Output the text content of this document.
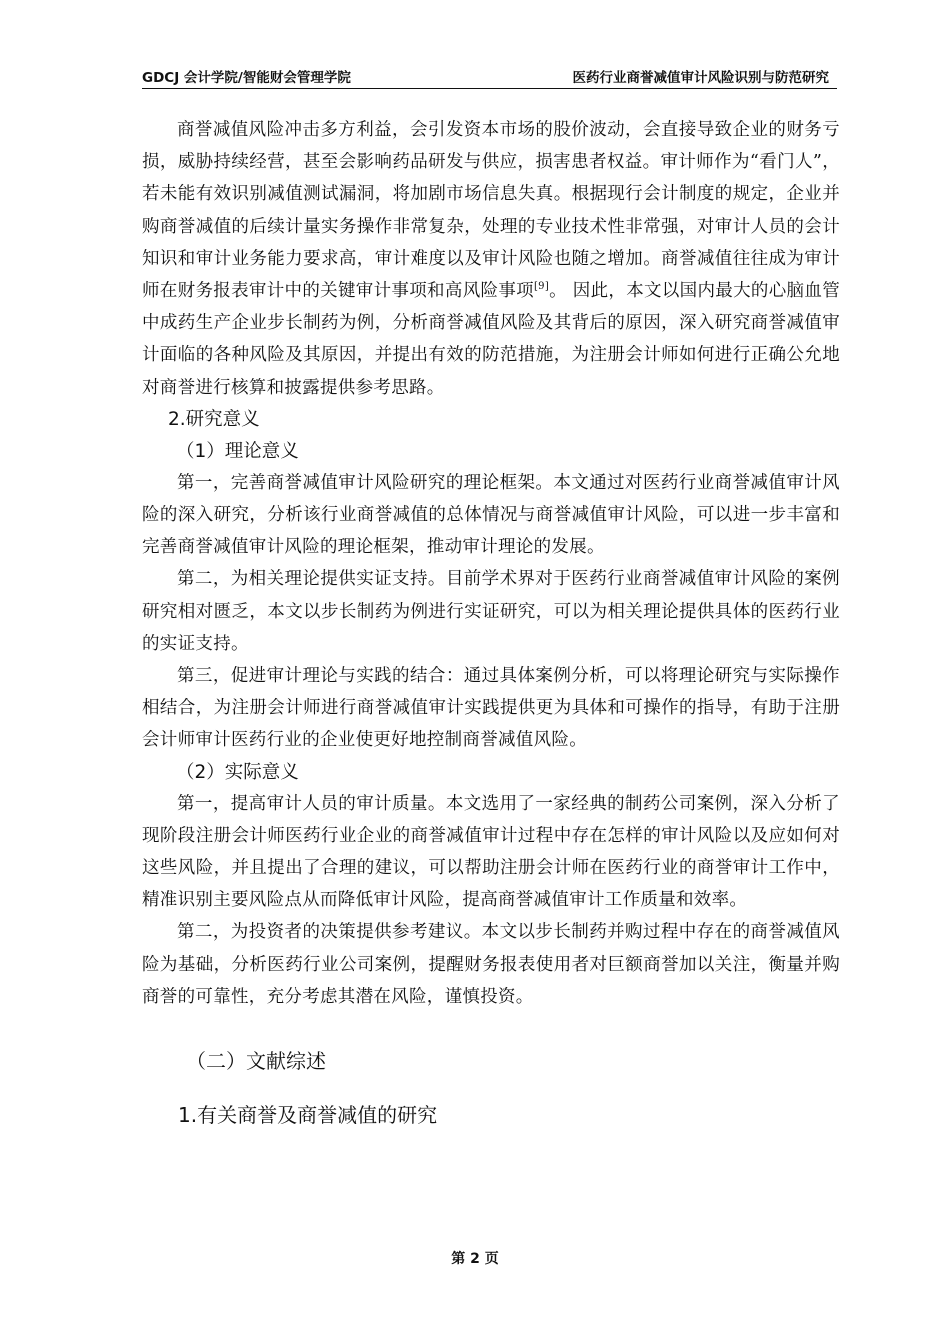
GDCJ 会计学院/智能财会管理学院	医药行业商誉减值审计风险识别与防范研究

商誉减值风险冲击多方利益，会引发资本市场的股价波动，会直接导致企业的财务亏损，威胁持续经营，甚至会影响药品研发与供应，损害患者权益。审计师作为“看门人”，若未能有效识别减值测试漏洞，将加剧市场信息失真。根据现行会计制度的规定，企业并购商誉减值的后续计量实务操作非常复杂，处理的专业技术性非常强，对审计人员的会计知识和审计业务能力要求高，审计难度以及审计风险也随之增加。商誉减值往往成为审计师在财务报表审计中的关键审计事项和高风险事项[9]。 因此，本文以国内最大的心脑血管中成药生产企业步长制药为例，分析商誉减值风险及其背后的原因，深入研究商誉减值审计面临的各种风险及其原因，并提出有效的防范措施，为注册会计师如何进行正确公允地对商誉进行核算和披露提供参考思路。

2.研究意义
（1）理论意义

第一，完善商誉减值审计风险研究的理论框架。本文通过对医药行业商誉减值审计风险的深入研究，分析该行业商誉减值的总体情况与商誉减值审计风险，可以进一步丰富和完善商誉减值审计风险的理论框架，推动审计理论的发展。

第二，为相关理论提供实证支持。目前学术界对于医药行业商誉减值审计风险的案例研究相对匮乏，本文以步长制药为例进行实证研究，可以为相关理论提供具体的医药行业的实证支持。

第三，促进审计理论与实践的结合：通过具体案例分析，可以将理论研究与实际操作相结合，为注册会计师进行商誉减值审计实践提供更为具体和可操作的指导，有助于注册会计师审计医药行业的企业使更好地控制商誉减值风险。

（2）实际意义

第一，提高审计人员的审计质量。本文选用了一家经典的制药公司案例，深入分析了现阶段注册会计师医药行业企业的商誉减值审计过程中存在怎样的审计风险以及应如何对这些风险，并且提出了合理的建议，可以帮助注册会计师在医药行业的商誉审计工作中，精准识别主要风险点从而降低审计风险，提高商誉减值审计工作质量和效率。

第二，为投资者的决策提供参考建议。本文以步长制药并购过程中存在的商誉减值风险为基础，分析医药行业公司案例，提醒财务报表使用者对巨额商誉加以关注，衡量并购商誉的可靠性，充分考虑其潜在风险，谨慎投资。

（二）文献综述
1.有关商誉及商誉减值的研究
第 2 页
